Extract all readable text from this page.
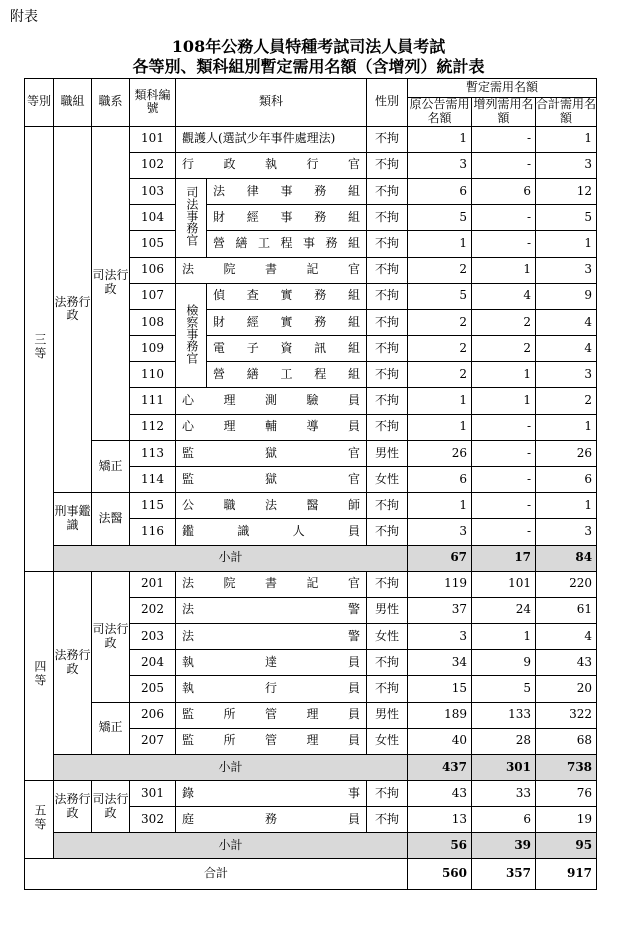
附表
108年公務人員特種考試司法人員考試
各等別、類科組別暫定需用名額（含增列）統計表
等別	職組	職系	類科編號	類科		性別	暫定需用名額		
							原公告需用名額	增列需用名額	合計需用名額
三等	法務行政	司法行政	101	觀護人(選試少年事件處理法)		不拘	1	-	1
			102	行政執行官		不拘	3	-	3
			103	司法事務官	法律事務組	不拘	6	6	12
			104		財經事務組	不拘	5	-	5
			105		營繕工程事務組	不拘	1	-	1
			106	法院書記官		不拘	2	1	3
			107	檢察事務官	偵查實務組	不拘	5	4	9
			108		財經實務組	不拘	2	2	4
			109		電子資訊組	不拘	2	2	4
			110		營繕工程組	不拘	2	1	3
			111	心理測驗員		不拘	1	1	2
			112	心理輔導員		不拘	1	-	1
		矯正	113	監獄官		男性	26	-	26
			114	監獄官		女性	6	-	6
	刑事鑑識	法醫	115	公職法醫師		不拘	1	-	1
			116	鑑識人員		不拘	3	-	3
	小計						67	17	84
四等	法務行政	司法行政	201	法院書記官		不拘	119	101	220
			202	法警		男性	37	24	61
			203	法警		女性	3	1	4
			204	執達員		不拘	34	9	43
			205	執行員		不拘	15	5	20
		矯正	206	監所管理員		男性	189	133	322
			207	監所管理員		女性	40	28	68
	小計						437	301	738
五等	法務行政	司法行政	301	錄事		不拘	43	33	76
			302	庭務員		不拘	13	6	19
	小計						56	39	95
合計							560	357	917
